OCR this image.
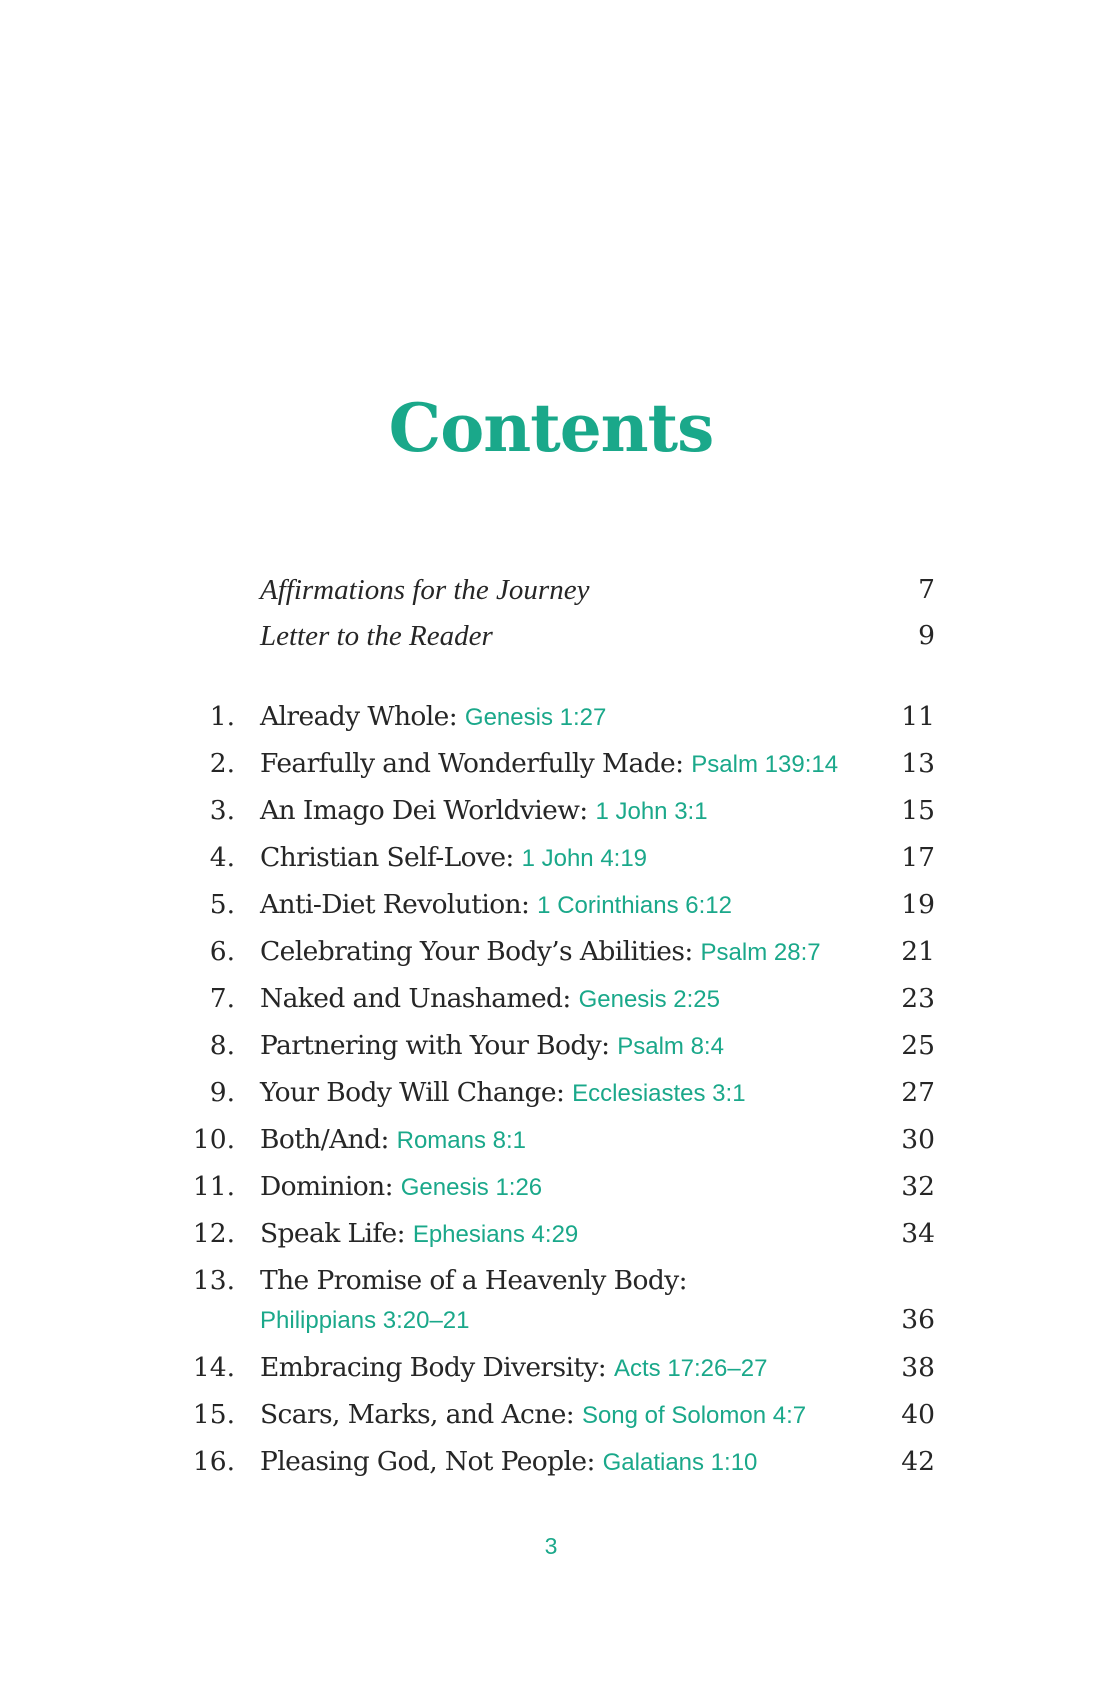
Contents
Affirmations for the Journey	7
Letter to the Reader	9
1. Already Whole: Genesis 1:27	11
2. Fearfully and Wonderfully Made: Psalm 139:14 13
3. An Imago Dei Worldview: 1 John 3:1	15
4. Christian Self-Love: 1 John 4:19	17
5. Anti-Diet Revolution: 1 Corinthians 6:12	19
6. Celebrating Your Body’s Abilities: Psalm 28:7	21
7. Naked and Unashamed: Genesis 2:25	23
8. Partnering with Your Body: Psalm 8:4	25
9. Your Body Will Change: Ecclesiastes 3:1	27
10. Both/And: Romans 8:1	30
11. Dominion: Genesis 1:26	32
12. Speak Life: Ephesians 4:29	34
13. The Promise of a Heavenly Body:
Philippians 3:20–21	36
14. Embracing Body Diversity: Acts 17:26–27	38
15. Scars, Marks, and Acne: Song of Solomon 4:7	40
16. Pleasing God, Not People: Galatians 1:10	42
3
